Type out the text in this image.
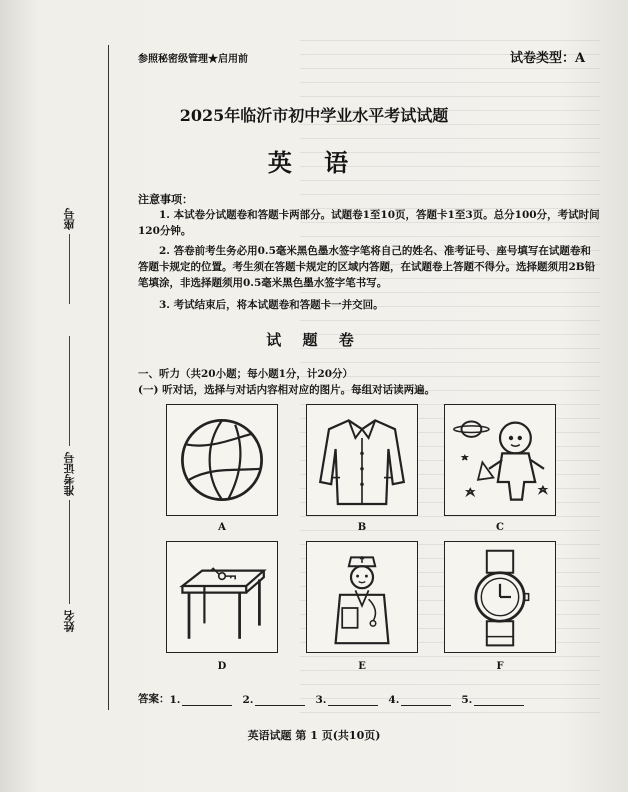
座号
准考证号
姓名
参照秘密级管理★启用前	试卷类型：A
2025年临沂市初中学业水平考试试题
英 语
注意事项：
1. 本试卷分试题卷和答题卡两部分。试题卷1至10页，答题卡1至3页。总分100分，考试时间120分钟。
2. 答卷前考生务必用0.5毫米黑色墨水签字笔将自己的姓名、准考证号、座号填写在试题卷和答题卡规定的位置。考生须在答题卡规定的区域内答题，在试题卷上答题不得分。选择题须用2B铅笔填涂，非选择题须用0.5毫米黑色墨水签字笔书写。
3. 考试结束后，将本试题卷和答题卡一并交回。
试 题 卷
一、听力（共20小题；每小题1分，计20分）
(一) 听对话，选择与对话内容相对应的图片。每组对话读两遍。
A	B	C
D	E	F
答案： 1.	2.	3.	4.	5.
英语试题 第 1 页(共10页)
